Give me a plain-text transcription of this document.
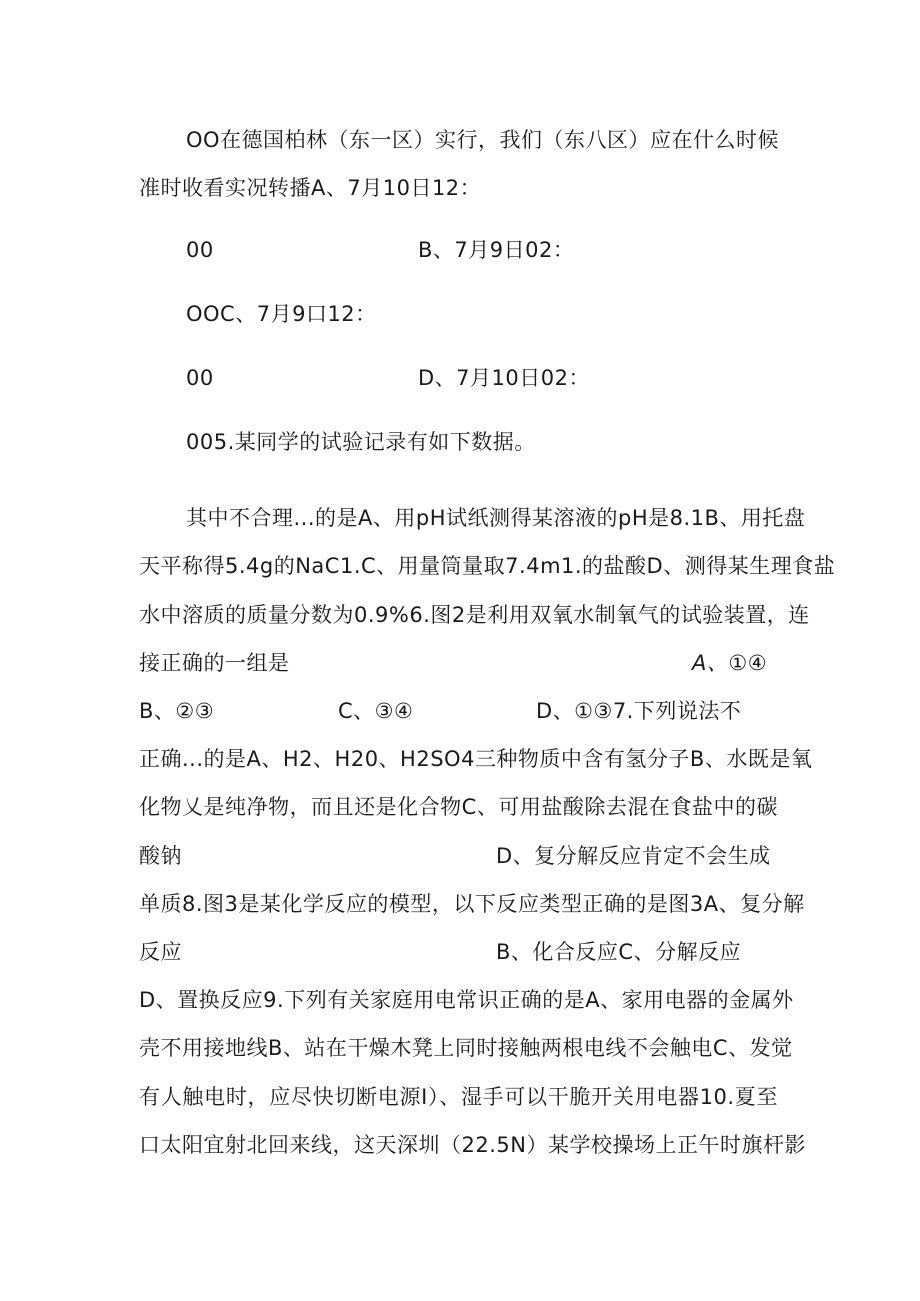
OO在德国柏林（东一区）实行，我们（东八区）应在什么时候

准时收看实况转播A、7月10日12：

00	B、7月9日02：

OOC、7月9口12：

00	D、7月10日02：

005.某同学的试验记录有如下数据。

其中不合理...的是A、用pH试纸测得某溶液的pH是8.1B、用托盘

天平称得5.4g的NaC1.C、用量筒量取7.4m1.的盐酸D、测得某生理食盐

水中溶质的质量分数为0.9%6.图2是利用双氧水制氧气的试验装置，连

接正确的一组是	A、①④

B、②③	C、③④	D、①③7.下列说法不

正确...的是A、H2、H20、H2SO4三种物质中含有氢分子B、水既是氧

化物乂是纯净物，而且还是化合物C、可用盐酸除去混在食盐中的碳

酸钠	D、复分解反应肯定不会生成

单质8.图3是某化学反应的模型，以下反应类型正确的是图3A、复分解

反应	B、化合反应C、分解反应

D、置换反应9.下列有关家庭用电常识正确的是A、家用电器的金属外

壳不用接地线B、站在干燥木凳上同时接触两根电线不会触电C、发觉

有人触电时，应尽快切断电源I）、湿手可以干脆开关用电器10.夏至

口太阳宜射北回来线，这天深圳（22.5N）某学校操场上正午时旗杆影
